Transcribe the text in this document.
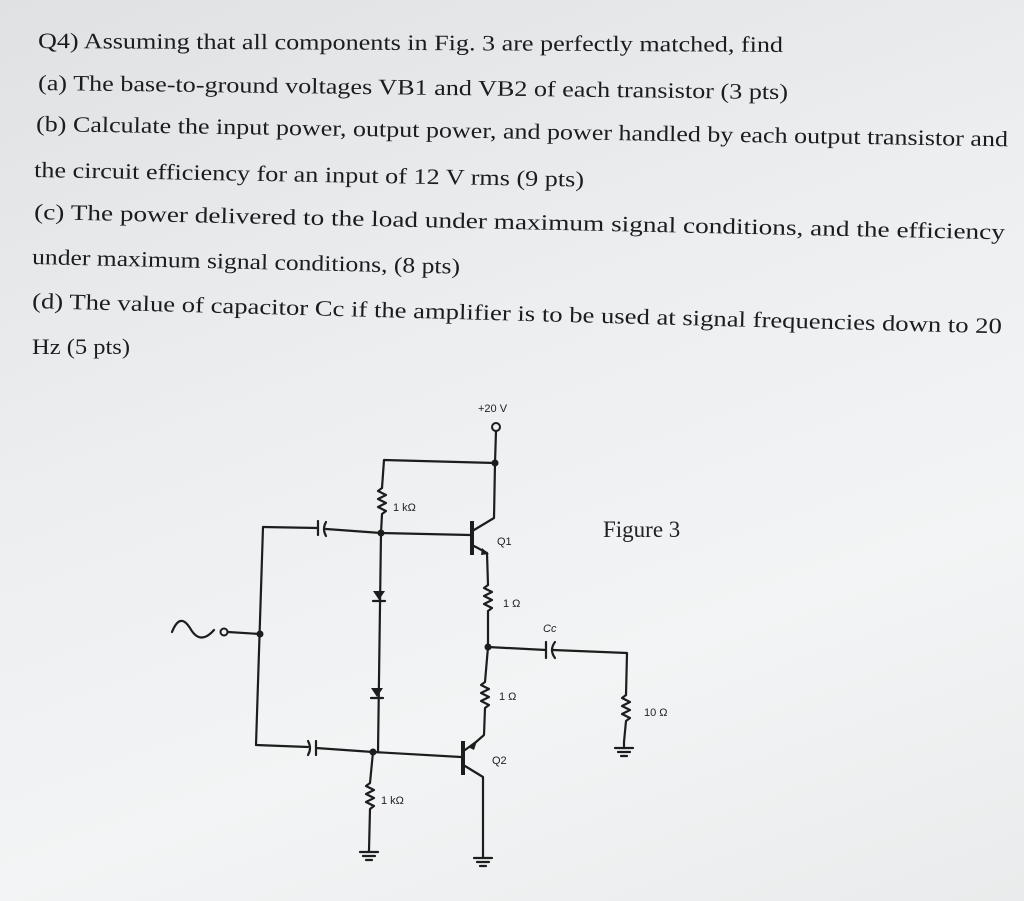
Q4) Assuming that all components in Fig. 3 are perfectly matched, find
(a) The base-to-ground voltages VB1 and VB2 of each transistor (3 pts)
(b) Calculate the input power, output power, and power handled by each output transistor and
the circuit efficiency for an input of 12 V rms (9 pts)
(c) The power delivered to the load under maximum signal conditions, and the efficiency
under maximum signal conditions, (8 pts)
(d) The value of capacitor Cc if the amplifier is to be used at signal frequencies down to 20
Hz (5 pts)
+20 V
1 kΩ
Q1
1 Ω
1 Ω
Q2
1 kΩ
Cc
10 Ω
Figure 3
